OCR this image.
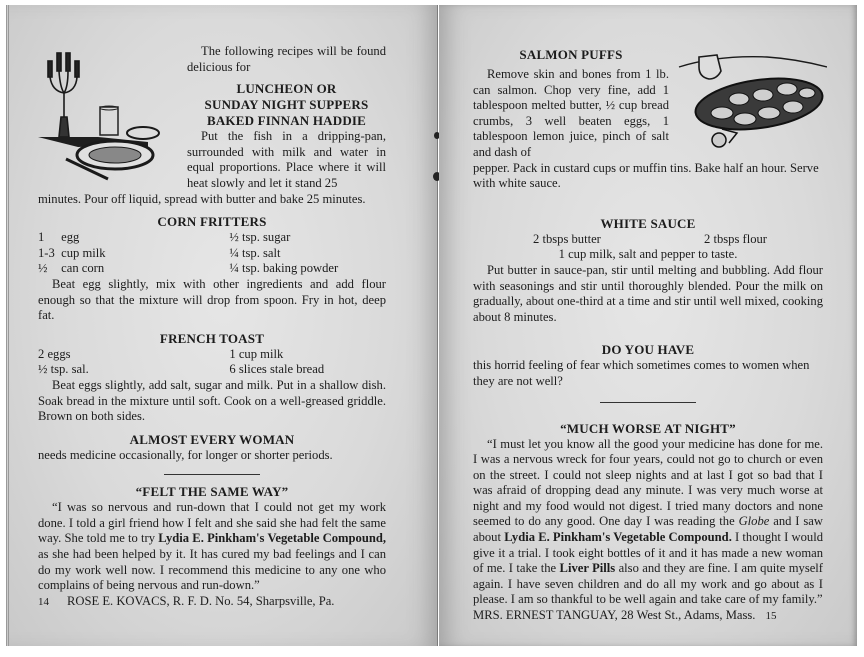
The following recipes will be found delicious for

LUNCHEON OR

SUNDAY NIGHT SUPPERS

BAKED FINNAN HADDIE

Put the fish in a dripping-pan, surrounded with milk and water in equal proportions. Place where it will heat slowly and let it stand 25

minutes. Pour off liquid, spread with butter and bake 25 minutes.

CORN FRITTERS

1 egg
1-3 cup milk
½ can corn
½ tsp. sugar
¼ tsp. salt
¼ tsp. baking powder

Beat egg slightly, mix with other ingredients and add flour enough so that the mixture will drop from spoon. Fry in hot, deep fat.

FRENCH TOAST

2 eggs
½ tsp. sal.
1 cup milk
6 slices stale bread

Beat eggs slightly, add salt, sugar and milk. Put in a shallow dish. Soak bread in the mixture until soft. Cook on a well-greased griddle. Brown on both sides.

ALMOST EVERY WOMAN

needs medicine occasionally, for longer or shorter periods.

“FELT THE SAME WAY”

“I was so nervous and run-down that I could not get my work done. I told a girl friend how I felt and she said she had felt the same way. She told me to try Lydia E. Pinkham's Vegetable Compound, as she had been helped by it. It has cured my bad feelings and I can do my work well now. I recommend this medicine to any one who complains of being nervous and run-down.”

14 ROSE E. KOVACS, R. F. D. No. 54, Sharpsville, Pa.

SALMON PUFFS

Remove skin and bones from 1 lb. can salmon. Chop very fine, add 1 tablespoon melted butter, ½ cup bread crumbs, 3 well beaten eggs, 1 tablespoon lemon juice, pinch of salt and dash of

pepper. Pack in custard cups or muffin tins. Bake half an hour. Serve with white sauce.

WHITE SAUCE

2 tbsps butter	2 tbsps flour

1 cup milk, salt and pepper to taste.

Put butter in sauce-pan, stir until melting and bubbling. Add flour with seasonings and stir until thoroughly blended. Pour the milk on gradually, about one-third at a time and stir until well mixed, cooking about 8 minutes.

DO YOU HAVE

this horrid feeling of fear which sometimes comes to women when they are not well?

“MUCH WORSE AT NIGHT”

“I must let you know all the good your medicine has done for me. I was a nervous wreck for four years, could not go to church or even on the street. I could not sleep nights and at last I got so bad that I was afraid of dropping dead any minute. I was very much worse at night and my food would not digest. I tried many doctors and none seemed to do any good. One day I was reading the Globe and I saw about Lydia E. Pinkham's Vegetable Compound. I thought I would give it a trial. I took eight bottles of it and it has made a new woman of me. I take the Liver Pills also and they are fine. I am quite myself again. I have seven children and do all my work and go about as I please. I am so thankful to be well again and take care of my family.”

MRS. ERNEST TANGUAY, 28 West St., Adams, Mass. 15
